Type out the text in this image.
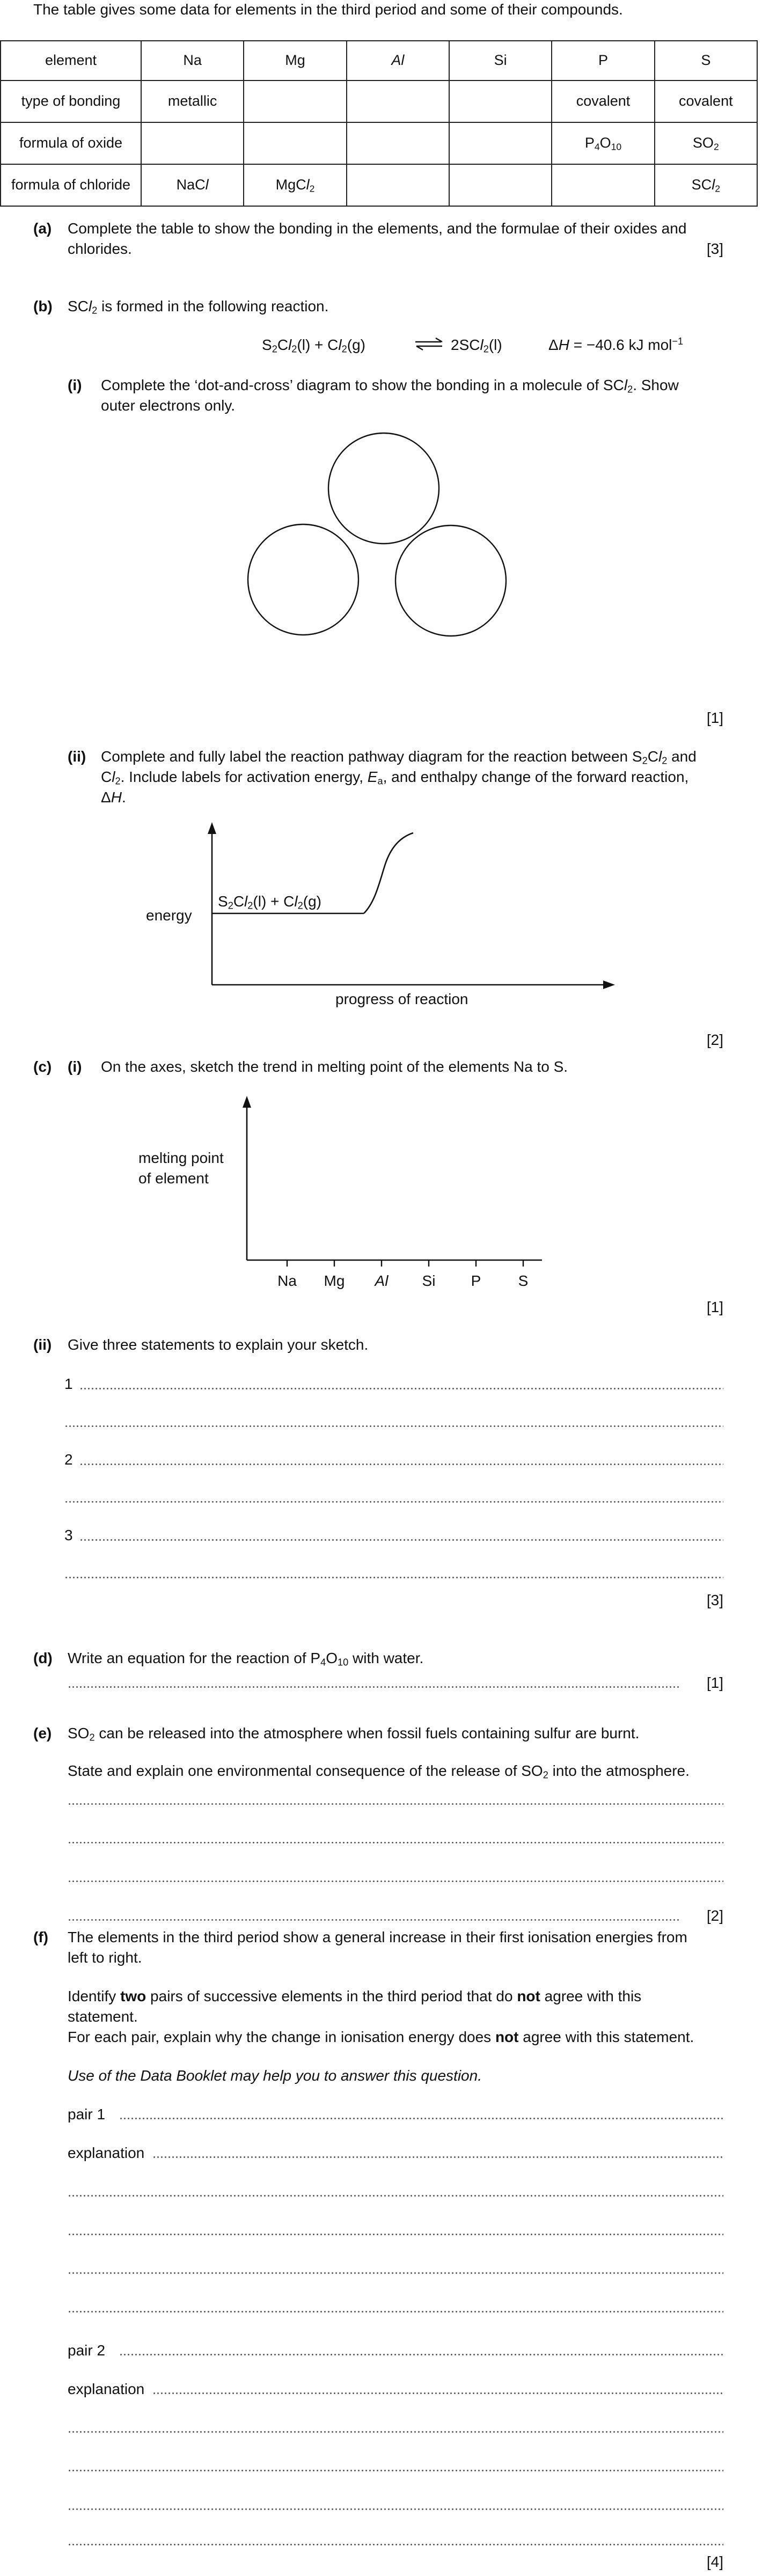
The table gives some data for elements in the third period and some of their compounds.
element	Na	Mg	Al	Si	P	S
type of bonding	metallic				covalent	covalent
formula of oxide					$P_4O_{10}$	$SO_2$
formula of chloride	NaCl	MgCl$_2$				SCl$_2$
(a) Complete the table to show the bonding in the elements, and the formulae of their oxides and
chlorides.	[3]
(b) SCl$_2$ is formed in the following reaction.
$S_2Cl_2(l) + Cl_2(g)$	⇌ 2SCl$_2$(l)	ΔH = −40.6 kJ mol$^{-1}$
(i) Complete the ‘dot-and-cross’ diagram to show the bonding in a molecule of SCl$_2$. Show
outer electrons only.
[1]
(ii) Complete and fully label the reaction pathway diagram for the reaction between $S_2Cl_2$ and
$Cl_2$. Include labels for activation energy, $E_a$, and enthalpy change of the forward reaction,
ΔH.
energy
$S_2Cl_2(l) + Cl_2(g)$
progress of reaction
[2]
(c) (i) On the axes, sketch the trend in melting point of the elements Na to S.
Na Mg Al Si P S
melting point
of element
[1]
(ii) Give three statements to explain your sketch.
1
2
3
[3]
(d) Write an equation for the reaction of $P_4O_{10}$ with water.
[1]
(e) $SO_2$ can be released into the atmosphere when fossil fuels containing sulfur are burnt.
State and explain one environmental consequence of the release of $SO_2$ into the atmosphere.
[2]
(f) The elements in the third period show a general increase in their first ionisation energies from
left to right.
Identify two pairs of successive elements in the third period that do not agree with this
statement.
For each pair, explain why the change in ionisation energy does not agree with this statement.
Use of the Data Booklet may help you to answer this question.
pair 1
explanation
pair 2
explanation
[4]
